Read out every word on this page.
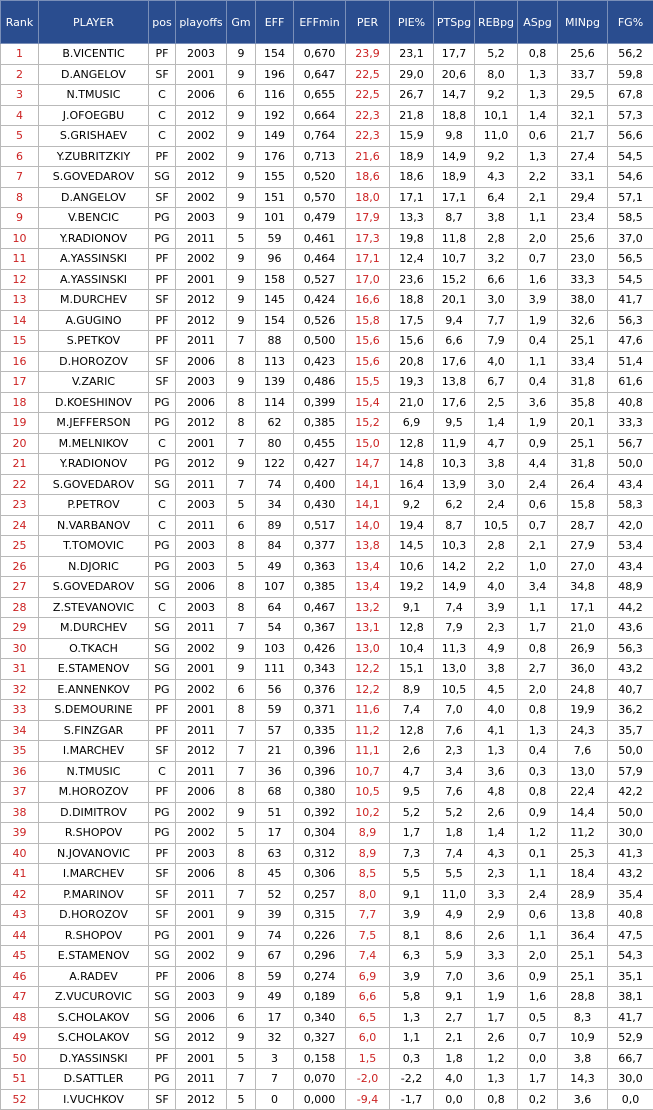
Rank	PLAYER	pos	playoffs	Gm	EFF	EFFmin	PER	PIE%	PTSpg	REBpg	ASpg	MINpg	FG%
1	B.VICENTIC	PF	2003	9	154	0,670	23,9	23,1	17,7	5,2	0,8	25,6	56,2
2	D.ANGELOV	SF	2001	9	196	0,647	22,5	29,0	20,6	8,0	1,3	33,7	59,8
3	N.TMUSIC	C	2006	6	116	0,655	22,5	26,7	14,7	9,2	1,3	29,5	67,8
4	J.OFOEGBU	C	2012	9	192	0,664	22,3	21,8	18,8	10,1	1,4	32,1	57,3
5	S.GRISHAEV	C	2002	9	149	0,764	22,3	15,9	9,8	11,0	0,6	21,7	56,6
6	Y.ZUBRITZKIY	PF	2002	9	176	0,713	21,6	18,9	14,9	9,2	1,3	27,4	54,5
7	S.GOVEDAROV	SG	2012	9	155	0,520	18,6	18,6	18,9	4,3	2,2	33,1	54,6
8	D.ANGELOV	SF	2002	9	151	0,570	18,0	17,1	17,1	6,4	2,1	29,4	57,1
9	V.BENCIC	PG	2003	9	101	0,479	17,9	13,3	8,7	3,8	1,1	23,4	58,5
10	Y.RADIONOV	PG	2011	5	59	0,461	17,3	19,8	11,8	2,8	2,0	25,6	37,0
11	A.YASSINSKI	PF	2002	9	96	0,464	17,1	12,4	10,7	3,2	0,7	23,0	56,5
12	A.YASSINSKI	PF	2001	9	158	0,527	17,0	23,6	15,2	6,6	1,6	33,3	54,5
13	M.DURCHEV	SF	2012	9	145	0,424	16,6	18,8	20,1	3,0	3,9	38,0	41,7
14	A.GUGINO	PF	2012	9	154	0,526	15,8	17,5	9,4	7,7	1,9	32,6	56,3
15	S.PETKOV	PF	2011	7	88	0,500	15,6	15,6	6,6	7,9	0,4	25,1	47,6
16	D.HOROZOV	SF	2006	8	113	0,423	15,6	20,8	17,6	4,0	1,1	33,4	51,4
17	V.ZARIC	SF	2003	9	139	0,486	15,5	19,3	13,8	6,7	0,4	31,8	61,6
18	D.KOESHINOV	PG	2006	8	114	0,399	15,4	21,0	17,6	2,5	3,6	35,8	40,8
19	M.JEFFERSON	PG	2012	8	62	0,385	15,2	6,9	9,5	1,4	1,9	20,1	33,3
20	M.MELNIKOV	C	2001	7	80	0,455	15,0	12,8	11,9	4,7	0,9	25,1	56,7
21	Y.RADIONOV	PG	2012	9	122	0,427	14,7	14,8	10,3	3,8	4,4	31,8	50,0
22	S.GOVEDAROV	SG	2011	7	74	0,400	14,1	16,4	13,9	3,0	2,4	26,4	43,4
23	P.PETROV	C	2003	5	34	0,430	14,1	9,2	6,2	2,4	0,6	15,8	58,3
24	N.VARBANOV	C	2011	6	89	0,517	14,0	19,4	8,7	10,5	0,7	28,7	42,0
25	T.TOMOVIC	PG	2003	8	84	0,377	13,8	14,5	10,3	2,8	2,1	27,9	53,4
26	N.DJORIC	PG	2003	5	49	0,363	13,4	10,6	14,2	2,2	1,0	27,0	43,4
27	S.GOVEDAROV	SG	2006	8	107	0,385	13,4	19,2	14,9	4,0	3,4	34,8	48,9
28	Z.STEVANOVIC	C	2003	8	64	0,467	13,2	9,1	7,4	3,9	1,1	17,1	44,2
29	M.DURCHEV	SG	2011	7	54	0,367	13,1	12,8	7,9	2,3	1,7	21,0	43,6
30	O.TKACH	SG	2002	9	103	0,426	13,0	10,4	11,3	4,9	0,8	26,9	56,3
31	E.STAMENOV	SG	2001	9	111	0,343	12,2	15,1	13,0	3,8	2,7	36,0	43,2
32	E.ANNENKOV	PG	2002	6	56	0,376	12,2	8,9	10,5	4,5	2,0	24,8	40,7
33	S.DEMOURINE	PF	2001	8	59	0,371	11,6	7,4	7,0	4,0	0,8	19,9	36,2
34	S.FINZGAR	PF	2011	7	57	0,335	11,2	12,8	7,6	4,1	1,3	24,3	35,7
35	I.MARCHEV	SF	2012	7	21	0,396	11,1	2,6	2,3	1,3	0,4	7,6	50,0
36	N.TMUSIC	C	2011	7	36	0,396	10,7	4,7	3,4	3,6	0,3	13,0	57,9
37	M.HOROZOV	PF	2006	8	68	0,380	10,5	9,5	7,6	4,8	0,8	22,4	42,2
38	D.DIMITROV	PG	2002	9	51	0,392	10,2	5,2	5,2	2,6	0,9	14,4	50,0
39	R.SHOPOV	PG	2002	5	17	0,304	8,9	1,7	1,8	1,4	1,2	11,2	30,0
40	N.JOVANOVIC	PF	2003	8	63	0,312	8,9	7,3	7,4	4,3	0,1	25,3	41,3
41	I.MARCHEV	SF	2006	8	45	0,306	8,5	5,5	5,5	2,3	1,1	18,4	43,2
42	P.MARINOV	SF	2011	7	52	0,257	8,0	9,1	11,0	3,3	2,4	28,9	35,4
43	D.HOROZOV	SF	2001	9	39	0,315	7,7	3,9	4,9	2,9	0,6	13,8	40,8
44	R.SHOPOV	PG	2001	9	74	0,226	7,5	8,1	8,6	2,6	1,1	36,4	47,5
45	E.STAMENOV	SG	2002	9	67	0,296	7,4	6,3	5,9	3,3	2,0	25,1	54,3
46	A.RADEV	PF	2006	8	59	0,274	6,9	3,9	7,0	3,6	0,9	25,1	35,1
47	Z.VUCUROVIC	SG	2003	9	49	0,189	6,6	5,8	9,1	1,9	1,6	28,8	38,1
48	S.CHOLAKOV	SG	2006	6	17	0,340	6,5	1,3	2,7	1,7	0,5	8,3	41,7
49	S.CHOLAKOV	SG	2012	9	32	0,327	6,0	1,1	2,1	2,6	0,7	10,9	52,9
50	D.YASSINSKI	PF	2001	5	3	0,158	1,5	0,3	1,8	1,2	0,0	3,8	66,7
51	D.SATTLER	PG	2011	7	7	0,070	-2,0	-2,2	4,0	1,3	1,7	14,3	30,0
52	I.VUCHKOV	SF	2012	5	0	0,000	-9,4	-1,7	0,0	0,8	0,2	3,6	0,0
